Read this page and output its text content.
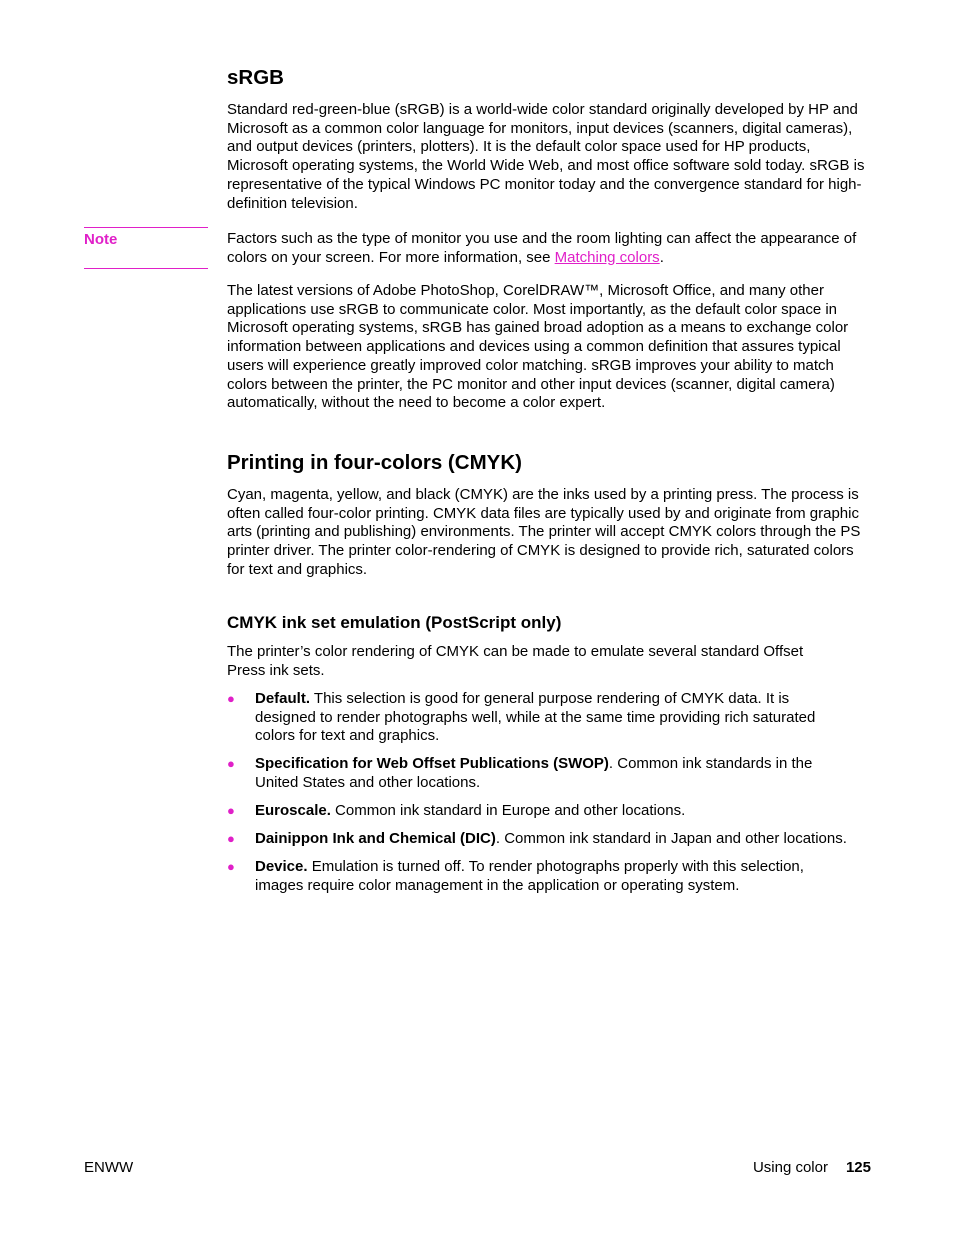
sRGB

Standard red-green-blue (sRGB) is a world-wide color standard originally developed by HP and Microsoft as a common color language for monitors, input devices (scanners, digital cameras), and output devices (printers, plotters). It is the default color space used for HP products, Microsoft operating systems, the World Wide Web, and most office software sold today. sRGB is representative of the typical Windows PC monitor today and the convergence standard for high-definition television.

Note	Factors such as the type of monitor you use and the room lighting can affect the appearance of colors on your screen. For more information, see Matching colors.

The latest versions of Adobe PhotoShop, CorelDRAW™, Microsoft Office, and many other applications use sRGB to communicate color. Most importantly, as the default color space in Microsoft operating systems, sRGB has gained broad adoption as a means to exchange color information between applications and devices using a common definition that assures typical users will experience greatly improved color matching. sRGB improves your ability to match colors between the printer, the PC monitor and other input devices (scanner, digital camera) automatically, without the need to become a color expert.

Printing in four-colors (CMYK)

Cyan, magenta, yellow, and black (CMYK) are the inks used by a printing press. The process is often called four-color printing. CMYK data files are typically used by and originate from graphic arts (printing and publishing) environments. The printer will accept CMYK colors through the PS printer driver. The printer color-rendering of CMYK is designed to provide rich, saturated colors for text and graphics.

CMYK ink set emulation (PostScript only)

The printer’s color rendering of CMYK can be made to emulate several standard Offset Press ink sets.

● Default. This selection is good for general purpose rendering of CMYK data. It is designed to render photographs well, while at the same time providing rich saturated colors for text and graphics.
● Specification for Web Offset Publications (SWOP). Common ink standards in the United States and other locations.
● Euroscale. Common ink standard in Europe and other locations.
● Dainippon Ink and Chemical (DIC). Common ink standard in Japan and other locations.
● Device. Emulation is turned off. To render photographs properly with this selection, images require color management in the application or operating system.
ENWW	Using color 125
